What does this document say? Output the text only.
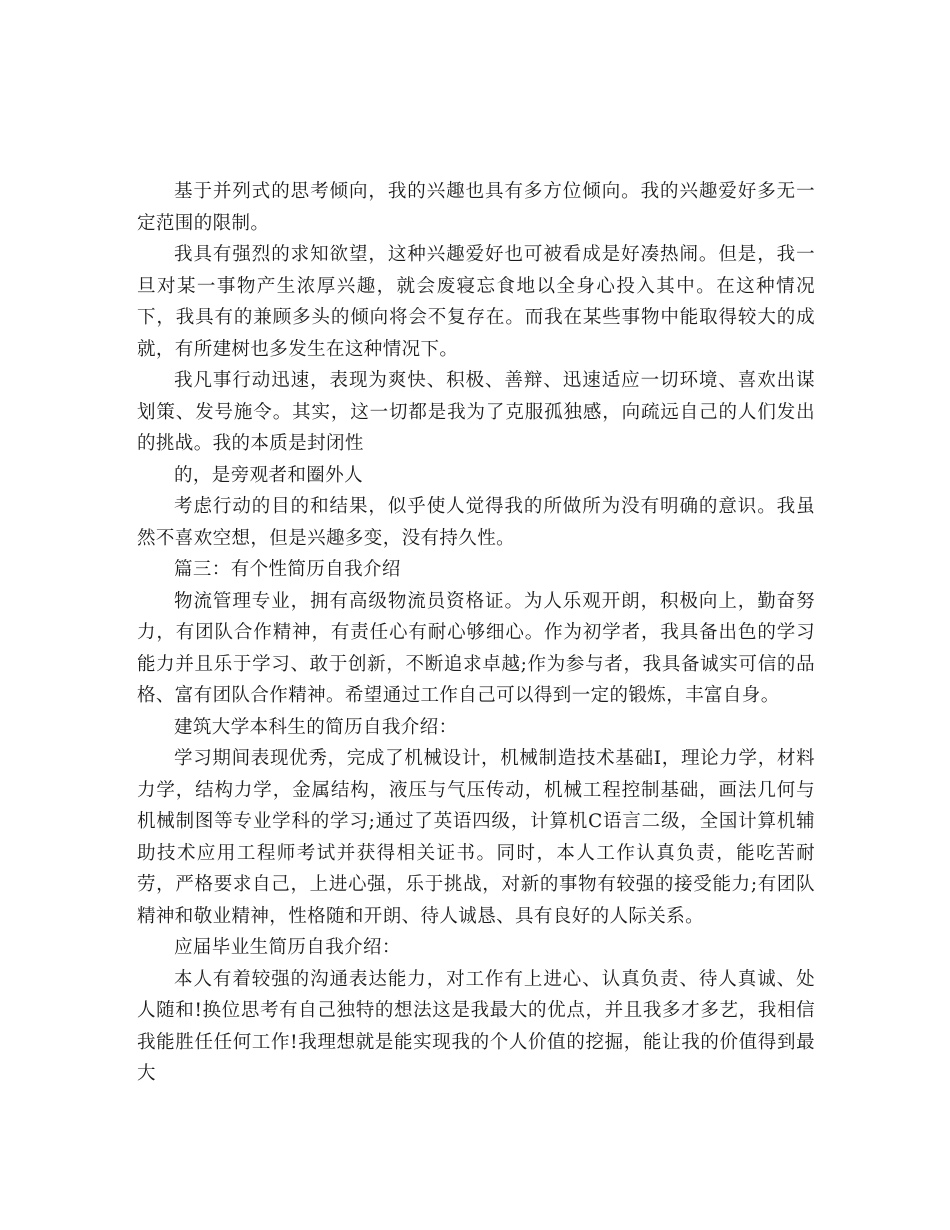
基于并列式的思考倾向，我的兴趣也具有多方位倾向。我的兴趣爱好多无一定范围的限制。

我具有强烈的求知欲望，这种兴趣爱好也可被看成是好凑热闹。但是，我一旦对某一事物产生浓厚兴趣，就会废寝忘食地以全身心投入其中。在这种情况下，我具有的兼顾多头的倾向将会不复存在。而我在某些事物中能取得较大的成就，有所建树也多发生在这种情况下。

我凡事行动迅速，表现为爽快、积极、善辩、迅速适应一切环境、喜欢出谋划策、发号施令。其实，这一切都是我为了克服孤独感，向疏远自己的人们发出的挑战。我的本质是封闭性

的，是旁观者和圈外人

考虑行动的目的和结果，似乎使人觉得我的所做所为没有明确的意识。我虽然不喜欢空想，但是兴趣多变，没有持久性。

篇三：有个性简历自我介绍

物流管理专业，拥有高级物流员资格证。为人乐观开朗，积极向上，勤奋努力，有团队合作精神，有责任心有耐心够细心。作为初学者，我具备出色的学习能力并且乐于学习、敢于创新，不断追求卓越;作为参与者，我具备诚实可信的品格、富有团队合作精神。希望通过工作自己可以得到一定的锻炼，丰富自身。

建筑大学本科生的简历自我介绍：

学习期间表现优秀，完成了机械设计，机械制造技术基础Ⅰ，理论力学，材料力学，结构力学，金属结构，液压与气压传动，机械工程控制基础，画法几何与机械制图等专业学科的学习;通过了英语四级，计算机C语言二级，全国计算机辅助技术应用工程师考试并获得相关证书。同时，本人工作认真负责，能吃苦耐劳，严格要求自己，上进心强，乐于挑战，对新的事物有较强的接受能力;有团队精神和敬业精神，性格随和开朗、待人诚恳、具有良好的人际关系。

应届毕业生简历自我介绍：

本人有着较强的沟通表达能力，对工作有上进心、认真负责、待人真诚、处人随和!换位思考有自己独特的想法这是我最大的优点，并且我多才多艺，我相信我能胜任任何工作!我理想就是能实现我的个人价值的挖掘，能让我的价值得到最大
